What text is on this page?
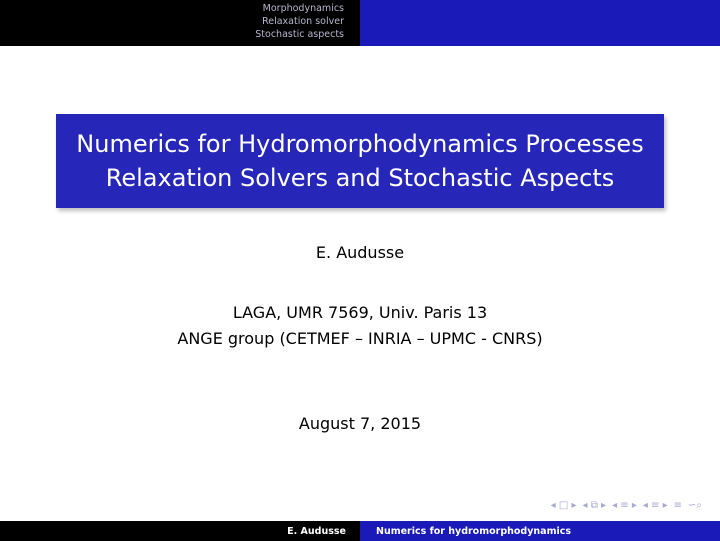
Morphodynamics
Relaxation solver
Stochastic aspects
Numerics for Hydromorphodynamics Processes
Relaxation Solvers and Stochastic Aspects
E. Audusse
LAGA, UMR 7569, Univ. Paris 13
ANGE group (CETMEF – INRIA – UPMC - CNRS)
August 7, 2015
◂ □ ▸ ◂ ⧉ ▸ ◂ ≡ ▸ ◂ ≡ ▸ ≡ ∽⌕
E. Audusse	Numerics for hydromorphodynamics
